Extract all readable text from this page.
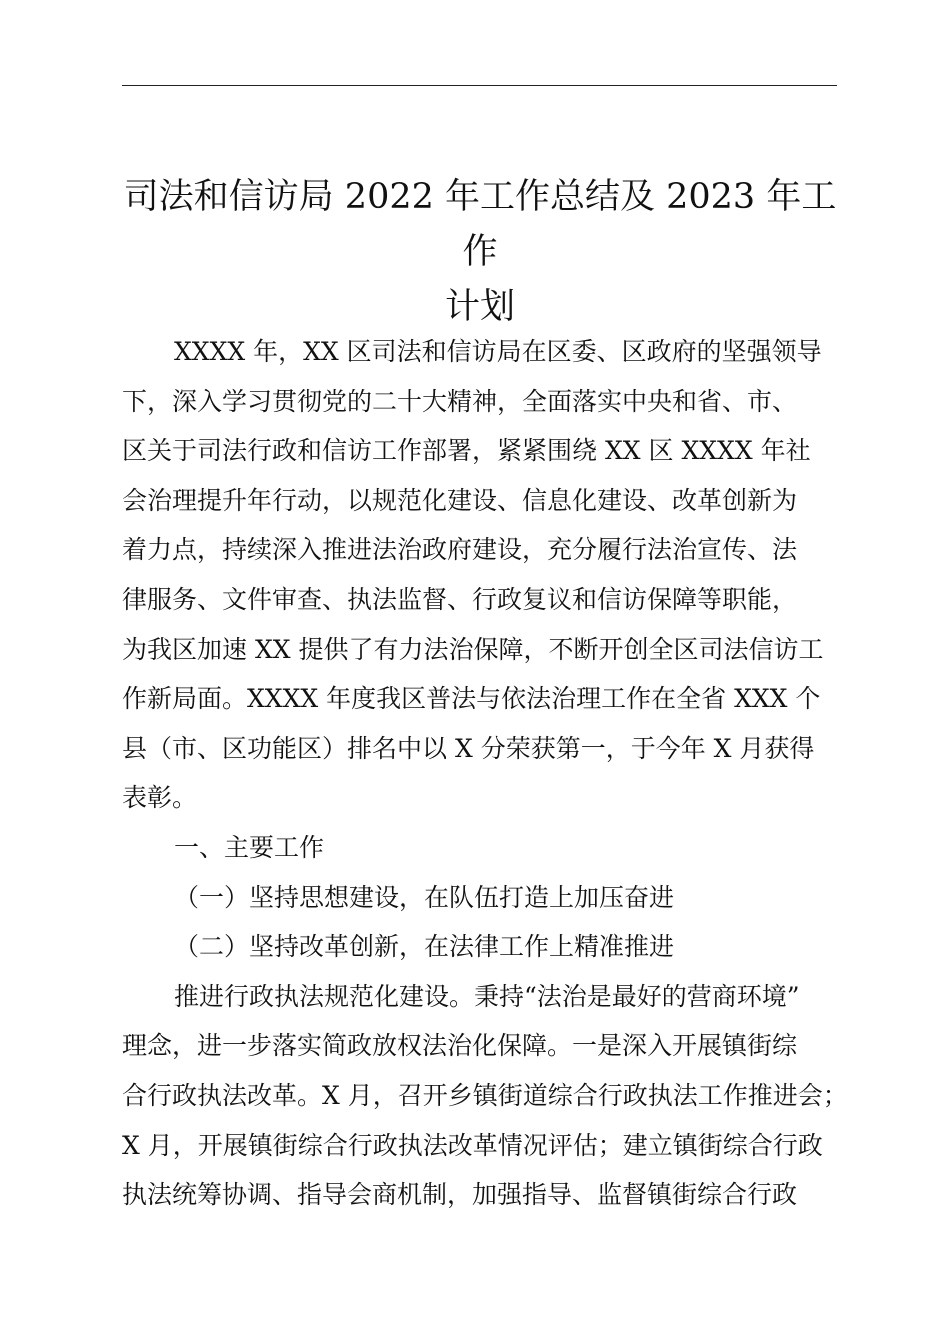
司法和信访局 2022 年工作总结及 2023 年工作
计划

XXXX 年，XX 区司法和信访局在区委、区政府的坚强领导

下，深入学习贯彻党的二十大精神，全面落实中央和省、市、

区关于司法行政和信访工作部署，紧紧围绕 XX 区 XXXX 年社

会治理提升年行动，以规范化建设、信息化建设、改革创新为

着力点，持续深入推进法治政府建设，充分履行法治宣传、法

律服务、文件审查、执法监督、行政复议和信访保障等职能，

为我区加速 XX 提供了有力法治保障，不断开创全区司法信访工

作新局面。XXXX 年度我区普法与依法治理工作在全省 XXX 个

县（市、区功能区）排名中以 X 分荣获第一，于今年 X 月获得

表彰。

一、主要工作

（一）坚持思想建设，在队伍打造上加压奋进

（二）坚持改革创新，在法律工作上精准推进

推进行政执法规范化建设。秉持“法治是最好的营商环境”

理念，进一步落实简政放权法治化保障。一是深入开展镇街综

合行政执法改革。X 月，召开乡镇街道综合行政执法工作推进会；

X 月，开展镇街综合行政执法改革情况评估；建立镇街综合行政

执法统筹协调、指导会商机制，加强指导、监督镇街综合行政
